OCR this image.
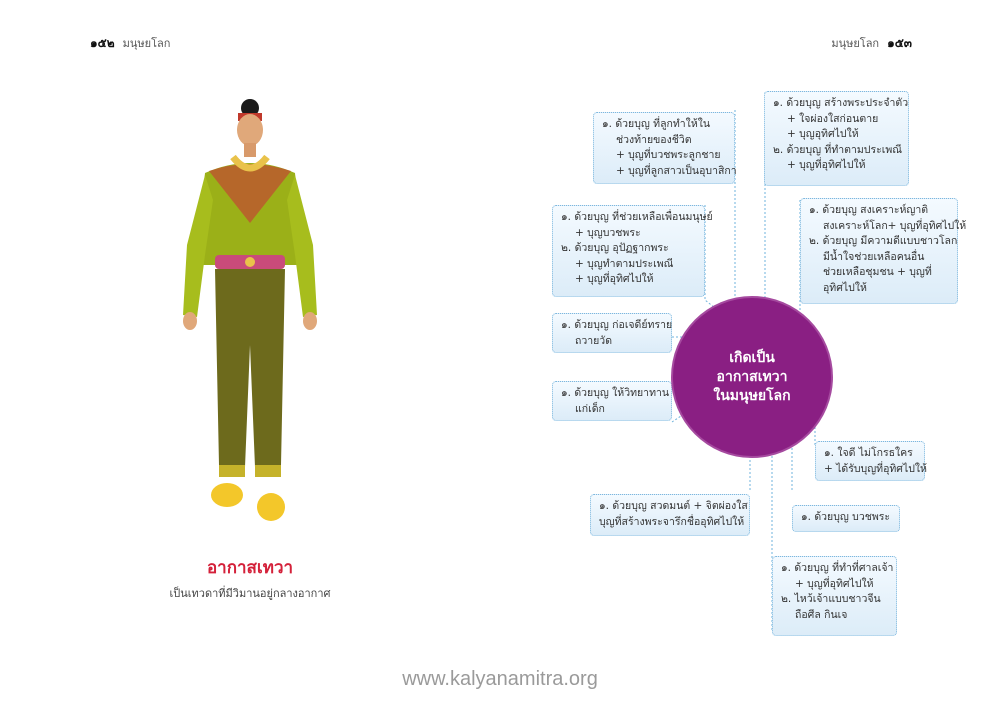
๑๕๒ มนุษยโลก	มนุษยโลก ๑๕๓
อากาสเทวา
เป็นเทวดาที่มีวิมานอยู่กลางอากาศ
๑. ด้วยบุญ ที่ลูกทำให้ใน
ช่วงท้ายของชีวิต
+ บุญที่บวชพระลูกชาย
+ บุญที่ลูกสาวเป็นอุบาสิกา
๑. ด้วยบุญ สร้างพระประจำตัว
+ ใจผ่องใสก่อนตาย
+ บุญอุทิศไปให้
๒. ด้วยบุญ ที่ทำตามประเพณี
+ บุญที่อุทิศไปให้
๑. ด้วยบุญ ที่ช่วยเหลือเพื่อนมนุษย์
+ บุญบวชพระ
๒. ด้วยบุญ อุปัฏฐากพระ
+ บุญทำตามประเพณี
+ บุญที่อุทิศไปให้
๑. ด้วยบุญ สงเคราะห์ญาติ
สงเคราะห์โลก+ บุญที่อุทิศไปให้
๒. ด้วยบุญ มีความดีแบบชาวโลก
มีน้ำใจช่วยเหลือคนอื่น
ช่วยเหลือชุมชน + บุญที่
อุทิศไปให้
๑. ด้วยบุญ ก่อเจดีย์ทราย
ถวายวัด
๑. ด้วยบุญ ให้วิทยาทาน
แก่เด็ก
๑. ใจดี ไม่โกรธใคร
+ ได้รับบุญที่อุทิศไปให้
๑. ด้วยบุญ สวดมนต์ + จิตผ่องใส
บุญที่สร้างพระจารึกชื่ออุทิศไปให้	๑. ด้วยบุญ บวชพระ
๑. ด้วยบุญ ที่ทำที่ศาลเจ้า
+ บุญที่อุทิศไปให้
๒. ไหว้เจ้าแบบชาวจีน
ถือศีล กินเจ
เกิดเป็น
อากาสเทวา
ในมนุษยโลก
www.kalyanamitra.org
